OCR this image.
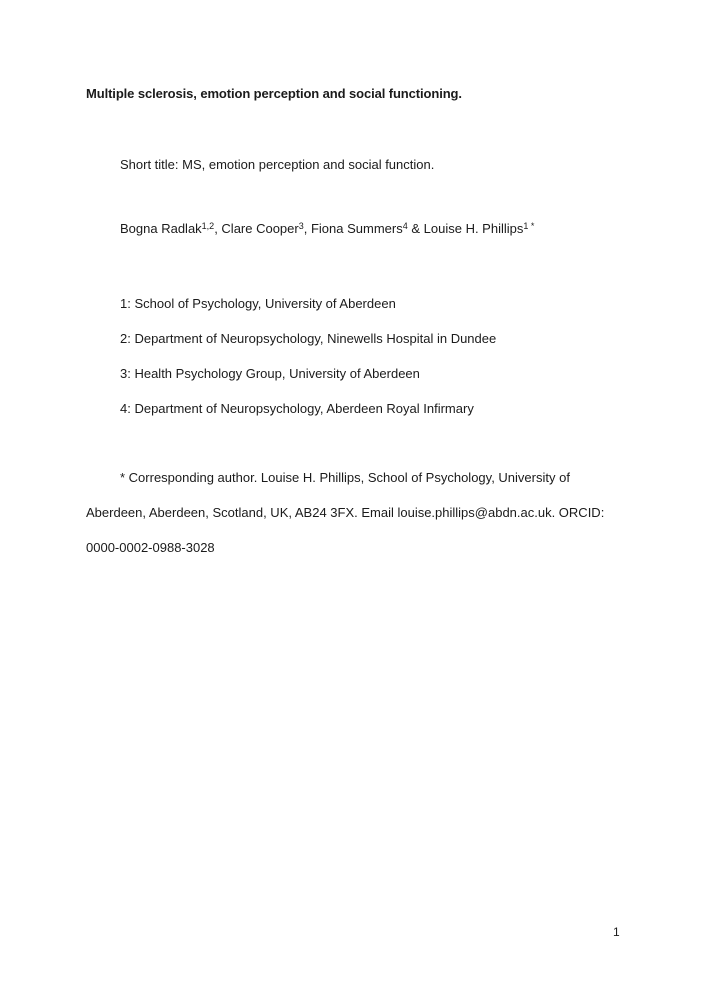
Multiple sclerosis, emotion perception and social functioning.
Short title: MS, emotion perception and social function.
Bogna Radlak$^{1,2}$, Clare Cooper$^3$, Fiona Summers$^4$ & Louise H. Phillips$^{1 *}$
1: School of Psychology, University of Aberdeen
2: Department of Neuropsychology, Ninewells Hospital in Dundee
3: Health Psychology Group, University of Aberdeen
4: Department of Neuropsychology, Aberdeen Royal Infirmary
* Corresponding author. Louise H. Phillips, School of Psychology, University of
Aberdeen, Aberdeen, Scotland, UK, AB24 3FX. Email louise.phillips@abdn.ac.uk. ORCID:
0000-0002-0988-3028
1
